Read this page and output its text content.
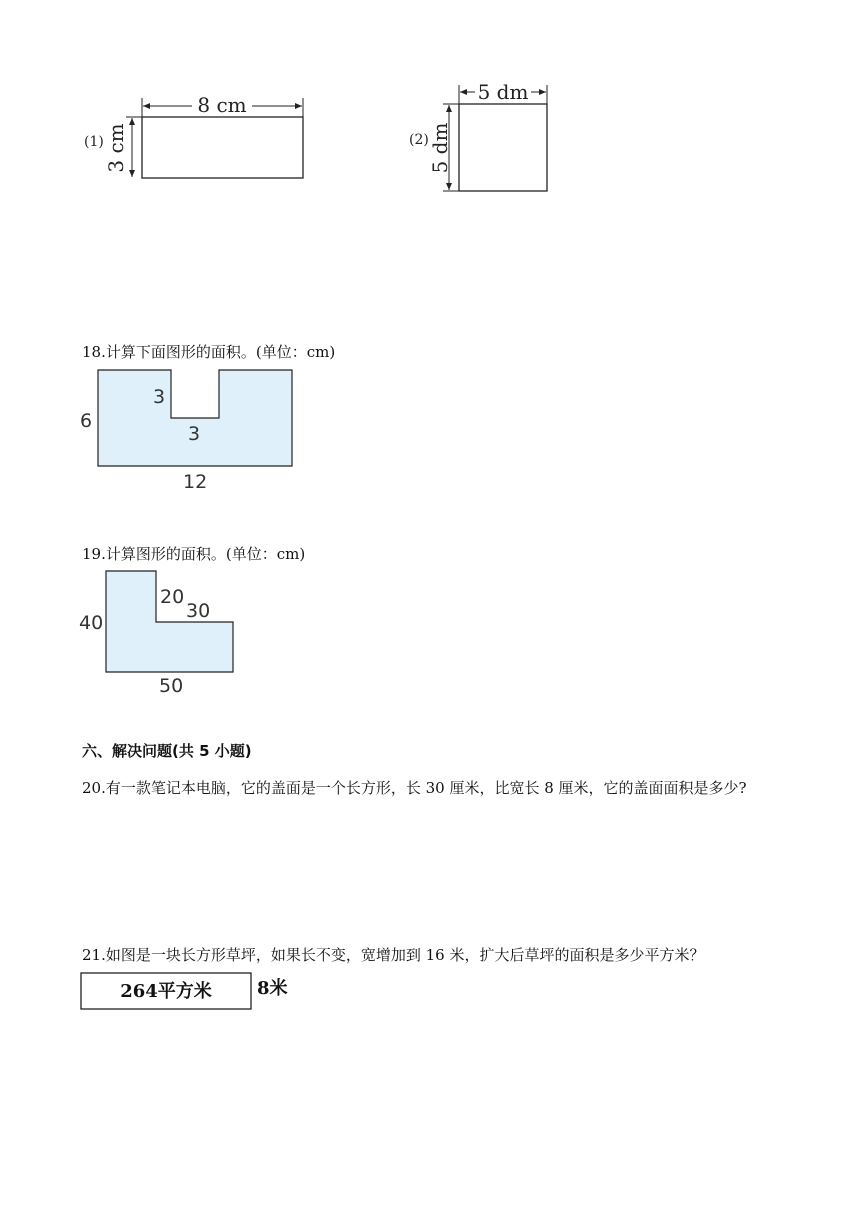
(1)
8 cm
3 cm	(2)
5 dm
5 dm
18.计算下面图形的面积。(单位：cm)
6
3
3
12
19.计算图形的面积。(单位：cm)
40
20
30
50
六、解决问题(共 5 小题)
20.有一款笔记本电脑，它的盖面是一个长方形，长 30 厘米，比宽长 8 厘米，它的盖面面积是多少?
21.如图是一块长方形草坪，如果长不变，宽增加到 16 米，扩大后草坪的面积是多少平方米？
264平方米	8米
